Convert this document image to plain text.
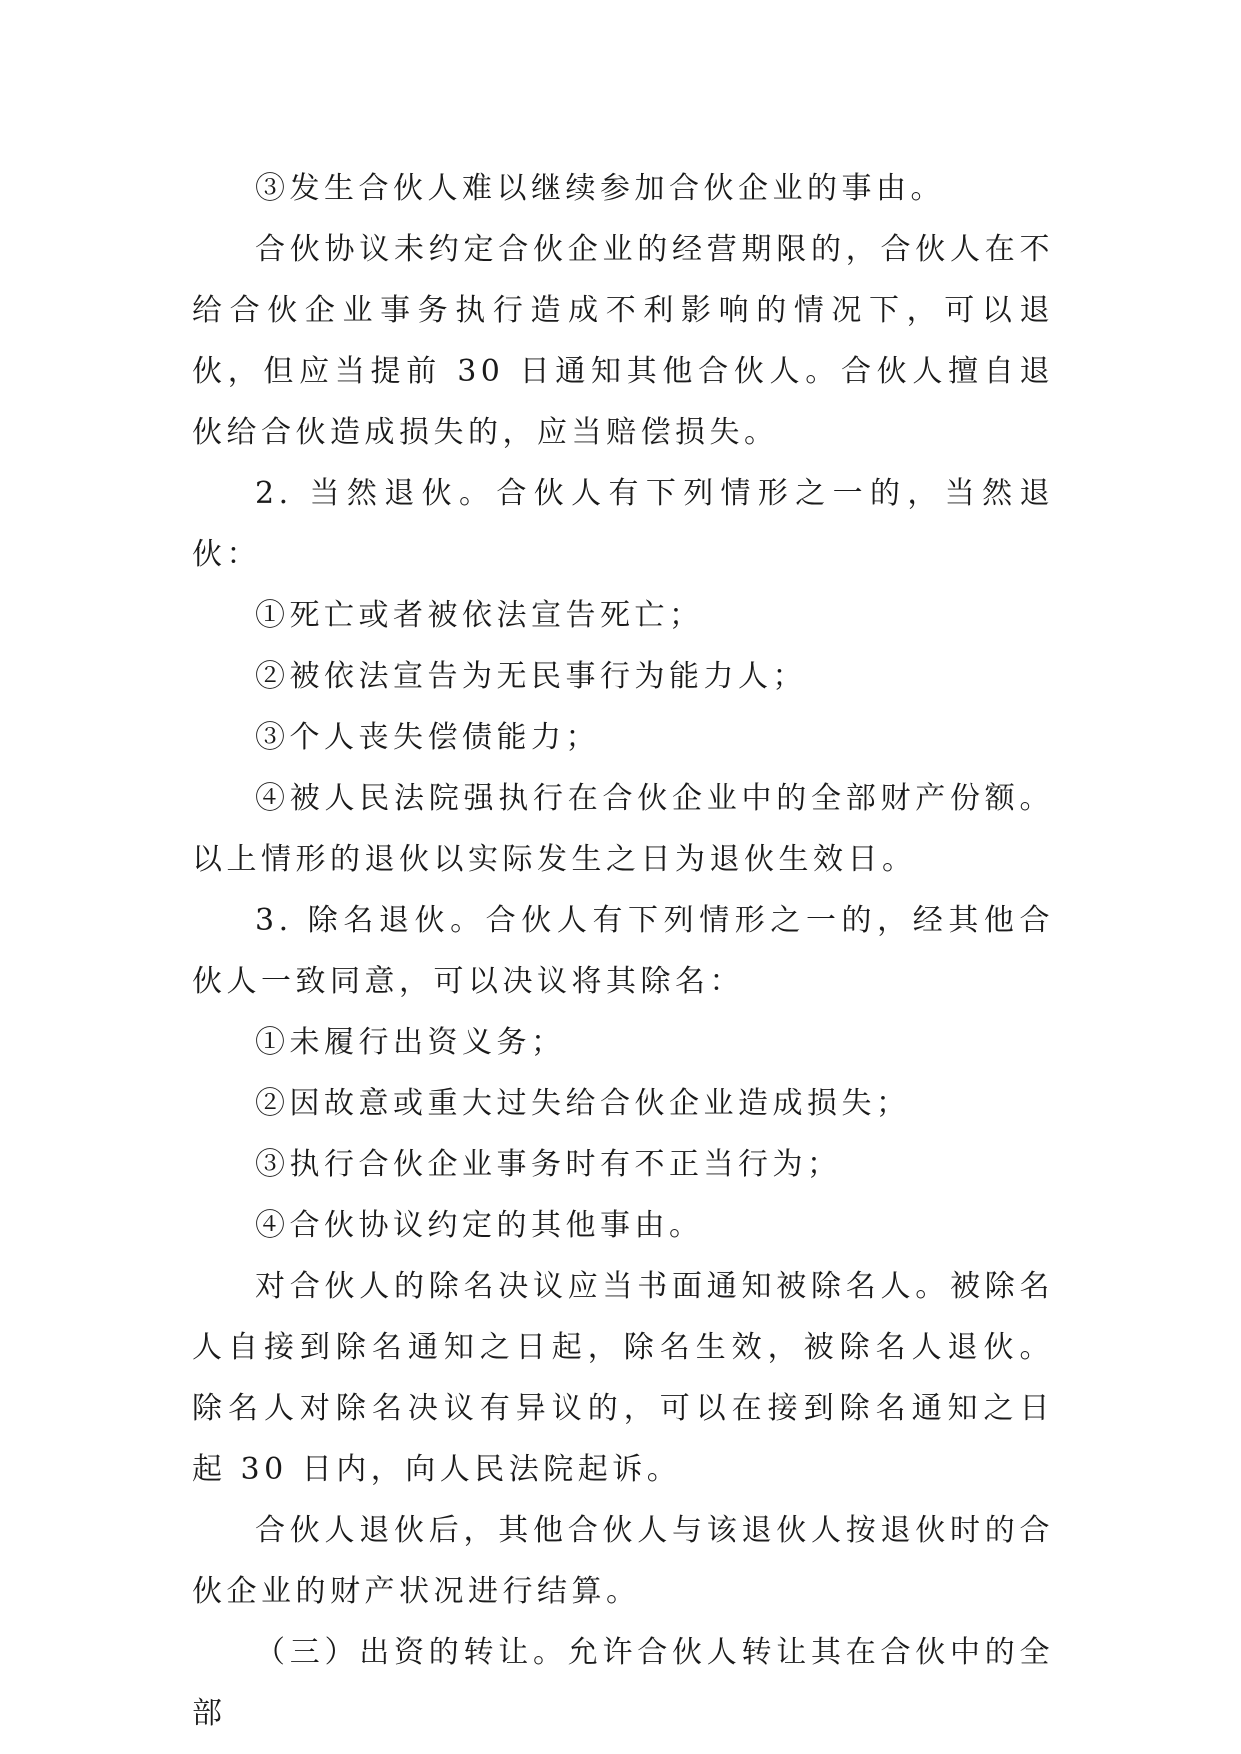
③发生合伙人难以继续参加合伙企业的事由。

合伙协议未约定合伙企业的经营期限的，合伙人在不给合伙企业事务执行造成不利影响的情况下，可以退伙，但应当提前 30 日通知其他合伙人。合伙人擅自退伙给合伙造成损失的，应当赔偿损失。

2. 当然退伙。合伙人有下列情形之一的，当然退伙：

①死亡或者被依法宣告死亡；

②被依法宣告为无民事行为能力人；

③个人丧失偿债能力；

④被人民法院强执行在合伙企业中的全部财产份额。以上情形的退伙以实际发生之日为退伙生效日。

3. 除名退伙。合伙人有下列情形之一的，经其他合伙人一致同意，可以决议将其除名：

①未履行出资义务；

②因故意或重大过失给合伙企业造成损失；

③执行合伙企业事务时有不正当行为；

④合伙协议约定的其他事由。

对合伙人的除名决议应当书面通知被除名人。被除名人自接到除名通知之日起，除名生效，被除名人退伙。除名人对除名决议有异议的，可以在接到除名通知之日起 30 日内，向人民法院起诉。

合伙人退伙后，其他合伙人与该退伙人按退伙时的合伙企业的财产状况进行结算。

（三）出资的转让。允许合伙人转让其在合伙中的全部
